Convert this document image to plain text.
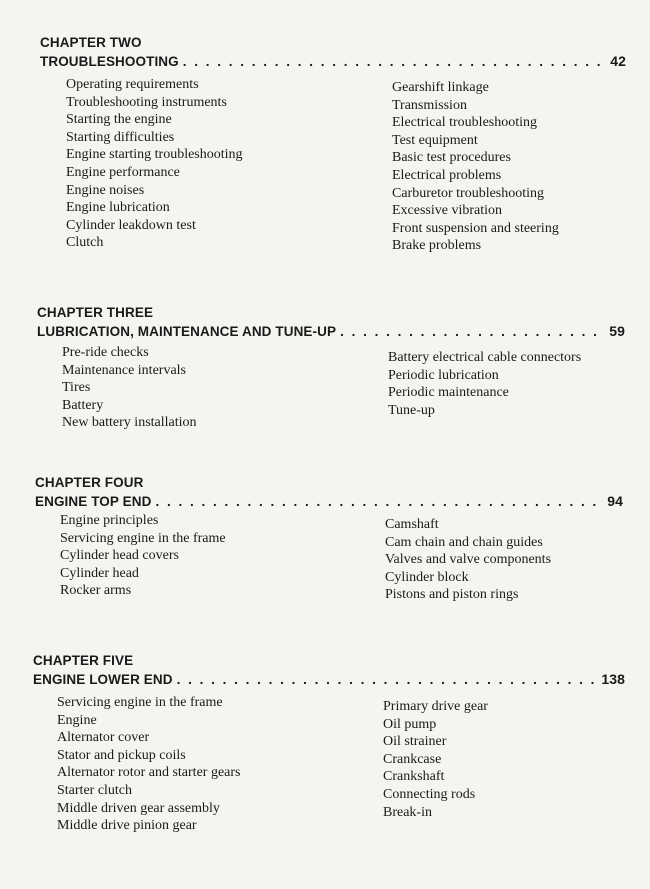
CHAPTER TWO
TROUBLESHOOTING . . .	42
Operating requirements
Troubleshooting instruments
Starting the engine
Starting difficulties
Engine starting troubleshooting
Engine performance
Engine noises
Engine lubrication
Cylinder leakdown test
Clutch
Gearshift linkage
Transmission
Electrical troubleshooting
Test equipment
Basic test procedures
Electrical problems
Carburetor troubleshooting
Excessive vibration
Front suspension and steering
Brake problems
CHAPTER THREE
LUBRICATION, MAINTENANCE AND TUNE-UP . . .	59
Pre-ride checks
Maintenance intervals
Tires
Battery
New battery installation
Battery electrical cable connectors
Periodic lubrication
Periodic maintenance
Tune-up
CHAPTER FOUR
ENGINE TOP END . . .	94
Engine principles
Servicing engine in the frame
Cylinder head covers
Cylinder head
Rocker arms
Camshaft
Cam chain and chain guides
Valves and valve components
Cylinder block
Pistons and piston rings
CHAPTER FIVE
ENGINE LOWER END . . .	138
Servicing engine in the frame
Engine
Alternator cover
Stator and pickup coils
Alternator rotor and starter gears
Starter clutch
Middle driven gear assembly
Middle drive pinion gear
Primary drive gear
Oil pump
Oil strainer
Crankcase
Crankshaft
Connecting rods
Break-in
